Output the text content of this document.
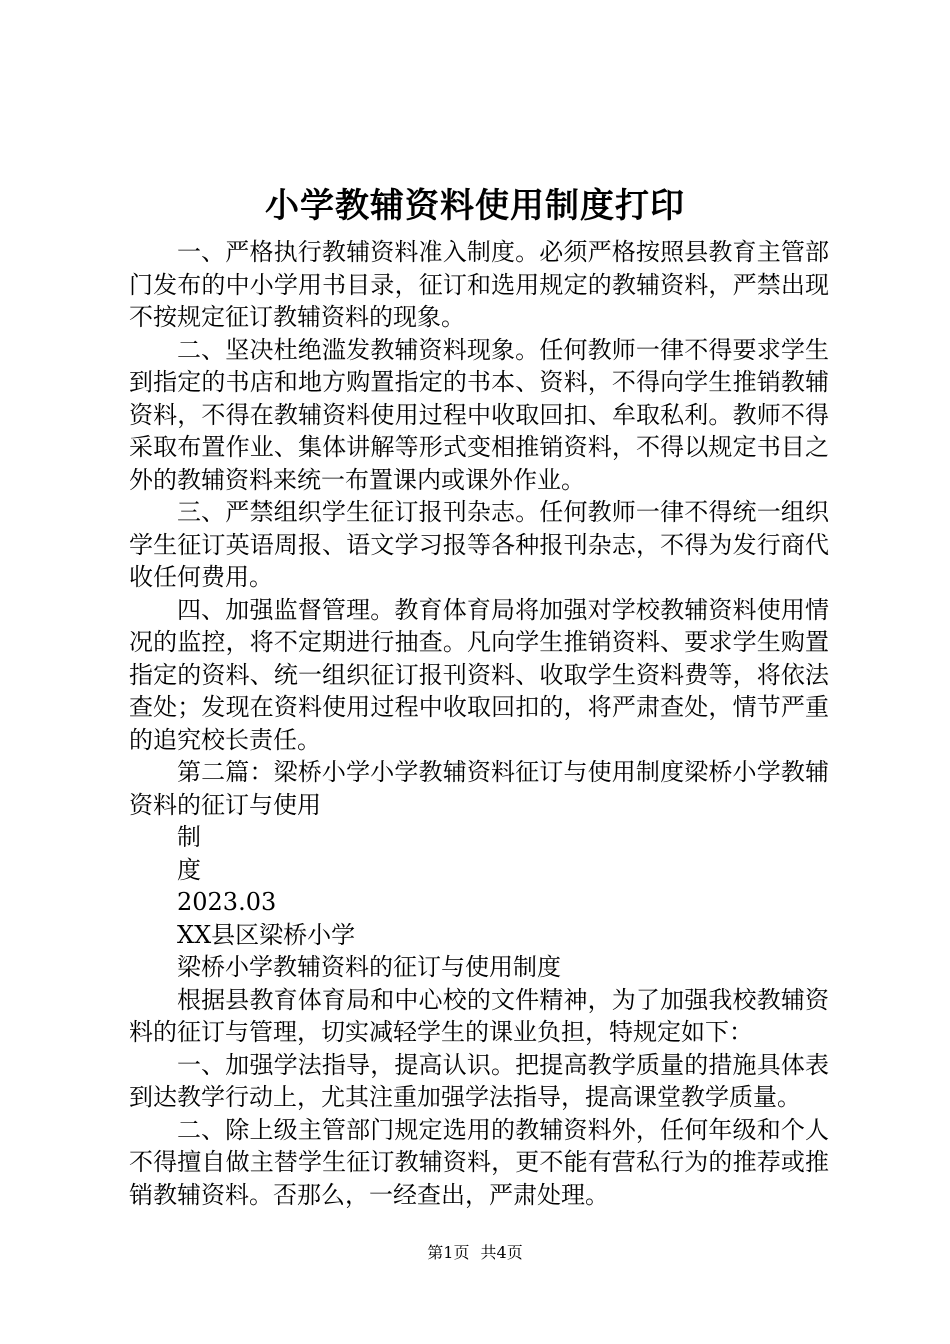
小学教辅资料使用制度打印

一、严格执行教辅资料准入制度。必须严格按照县教育主管部门发布的中小学用书目录，征订和选用规定的教辅资料，严禁出现不按规定征订教辅资料的现象。

二、坚决杜绝滥发教辅资料现象。任何教师一律不得要求学生到指定的书店和地方购置指定的书本、资料，不得向学生推销教辅资料，不得在教辅资料使用过程中收取回扣、牟取私利。教师不得采取布置作业、集体讲解等形式变相推销资料，不得以规定书目之外的教辅资料来统一布置课内或课外作业。

三、严禁组织学生征订报刊杂志。任何教师一律不得统一组织学生征订英语周报、语文学习报等各种报刊杂志，不得为发行商代收任何费用。

四、加强监督管理。教育体育局将加强对学校教辅资料使用情况的监控，将不定期进行抽查。凡向学生推销资料、要求学生购置指定的资料、统一组织征订报刊资料、收取学生资料费等，将依法查处；发现在资料使用过程中收取回扣的，将严肃查处，情节严重的追究校长责任。

第二篇：梁桥小学小学教辅资料征订与使用制度梁桥小学教辅资料的征订与使用

制

度

2023.03

XX县区梁桥小学

梁桥小学教辅资料的征订与使用制度

根据县教育体育局和中心校的文件精神，为了加强我校教辅资料的征订与管理，切实减轻学生的课业负担，特规定如下：

一、加强学法指导，提高认识。把提高教学质量的措施具体表到达教学行动上，尤其注重加强学法指导，提高课堂教学质量。

二、除上级主管部门规定选用的教辅资料外，任何年级和个人不得擅自做主替学生征订教辅资料，更不能有营私行为的推荐或推销教辅资料。否那么，一经查出，严肃处理。

第1页 共4页
